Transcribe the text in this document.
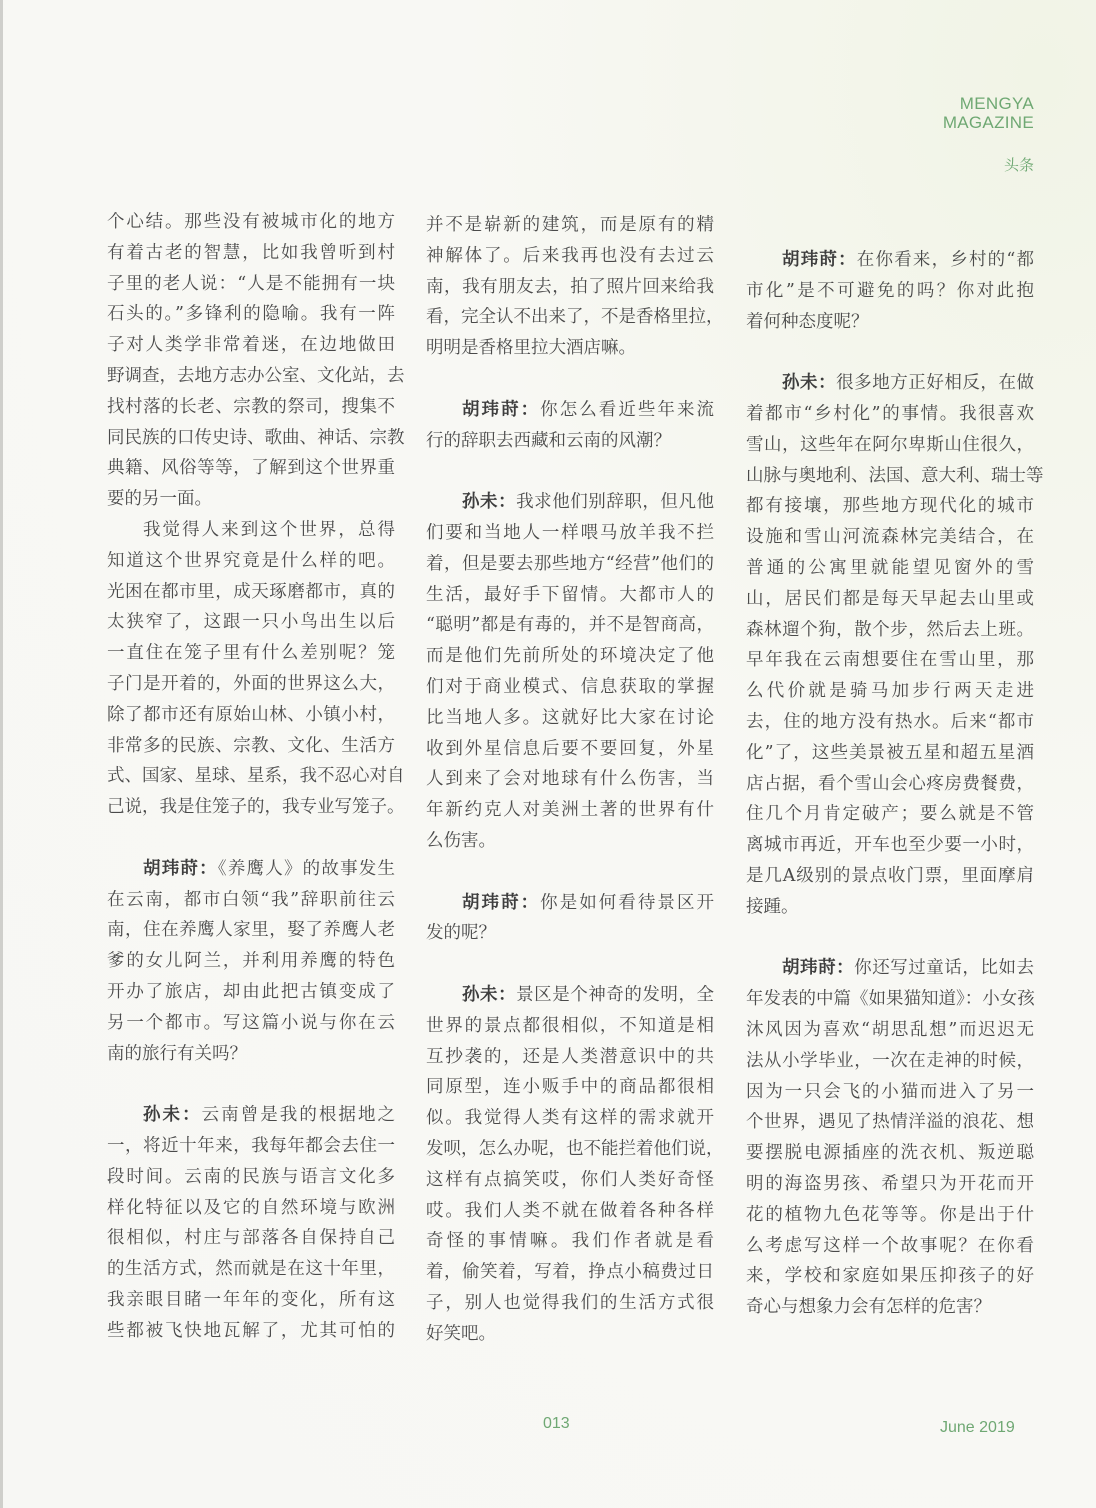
MENGYA
MAGAZINE
头条
个心结。那些没有被城市化的地方
有着古老的智慧，比如我曾听到村
子里的老人说：“人是不能拥有一块
石头的。”多锋利的隐喻。我有一阵
子对人类学非常着迷，在边地做田
野调查，去地方志办公室、文化站，去
找村落的长老、宗教的祭司，搜集不
同民族的口传史诗、歌曲、神话、宗教
典籍、风俗等等，了解到这个世界重
要的另一面。
我觉得人来到这个世界，总得
知道这个世界究竟是什么样的吧。
光困在都市里，成天琢磨都市，真的
太狭窄了，这跟一只小鸟出生以后
一直住在笼子里有什么差别呢？笼
子门是开着的，外面的世界这么大，
除了都市还有原始山林、小镇小村，
非常多的民族、宗教、文化、生活方
式、国家、星球、星系，我不忍心对自
己说，我是住笼子的，我专业写笼子。
胡玮莳：《养鹰人》的故事发生
在云南，都市白领“我”辞职前往云
南，住在养鹰人家里，娶了养鹰人老
爹的女儿阿兰，并利用养鹰的特色
开办了旅店，却由此把古镇变成了
另一个都市。写这篇小说与你在云
南的旅行有关吗？
孙未：云南曾是我的根据地之
一，将近十年来，我每年都会去住一
段时间。云南的民族与语言文化多
样化特征以及它的自然环境与欧洲
很相似，村庄与部落各自保持自己
的生活方式，然而就是在这十年里，
我亲眼目睹一年年的变化，所有这
些都被飞快地瓦解了，尤其可怕的
并不是崭新的建筑，而是原有的精
神解体了。后来我再也没有去过云
南，我有朋友去，拍了照片回来给我
看，完全认不出来了，不是香格里拉，
明明是香格里拉大酒店嘛。
胡玮莳：你怎么看近些年来流
行的辞职去西藏和云南的风潮？
孙未：我求他们别辞职，但凡他
们要和当地人一样喂马放羊我不拦
着，但是要去那些地方“经营”他们的
生活，最好手下留情。大都市人的
“聪明”都是有毒的，并不是智商高，
而是他们先前所处的环境决定了他
们对于商业模式、信息获取的掌握
比当地人多。这就好比大家在讨论
收到外星信息后要不要回复，外星
人到来了会对地球有什么伤害，当
年新约克人对美洲土著的世界有什
么伤害。
胡玮莳：你是如何看待景区开
发的呢？
孙未：景区是个神奇的发明，全
世界的景点都很相似，不知道是相
互抄袭的，还是人类潜意识中的共
同原型，连小贩手中的商品都很相
似。我觉得人类有这样的需求就开
发呗，怎么办呢，也不能拦着他们说，
这样有点搞笑哎，你们人类好奇怪
哎。我们人类不就在做着各种各样
奇怪的事情嘛。我们作者就是看
着，偷笑着，写着，挣点小稿费过日
子，别人也觉得我们的生活方式很
好笑吧。
胡玮莳：在你看来，乡村的“都
市化”是不可避免的吗？你对此抱
着何种态度呢？
孙未：很多地方正好相反，在做
着都市“乡村化”的事情。我很喜欢
雪山，这些年在阿尔卑斯山住很久，
山脉与奥地利、法国、意大利、瑞士等
都有接壤，那些地方现代化的城市
设施和雪山河流森林完美结合，在
普通的公寓里就能望见窗外的雪
山，居民们都是每天早起去山里或
森林遛个狗，散个步，然后去上班。
早年我在云南想要住在雪山里，那
么代价就是骑马加步行两天走进
去，住的地方没有热水。后来“都市
化”了，这些美景被五星和超五星酒
店占据，看个雪山会心疼房费餐费，
住几个月肯定破产；要么就是不管
离城市再近，开车也至少要一小时，
是几A级别的景点收门票，里面摩肩
接踵。
胡玮莳：你还写过童话，比如去
年发表的中篇《如果猫知道》：小女孩
沐风因为喜欢“胡思乱想”而迟迟无
法从小学毕业，一次在走神的时候，
因为一只会飞的小猫而进入了另一
个世界，遇见了热情洋溢的浪花、想
要摆脱电源插座的洗衣机、叛逆聪
明的海盗男孩、希望只为开花而开
花的植物九色花等等。你是出于什
么考虑写这样一个故事呢？在你看
来，学校和家庭如果压抑孩子的好
奇心与想象力会有怎样的危害？
013	June 2019
